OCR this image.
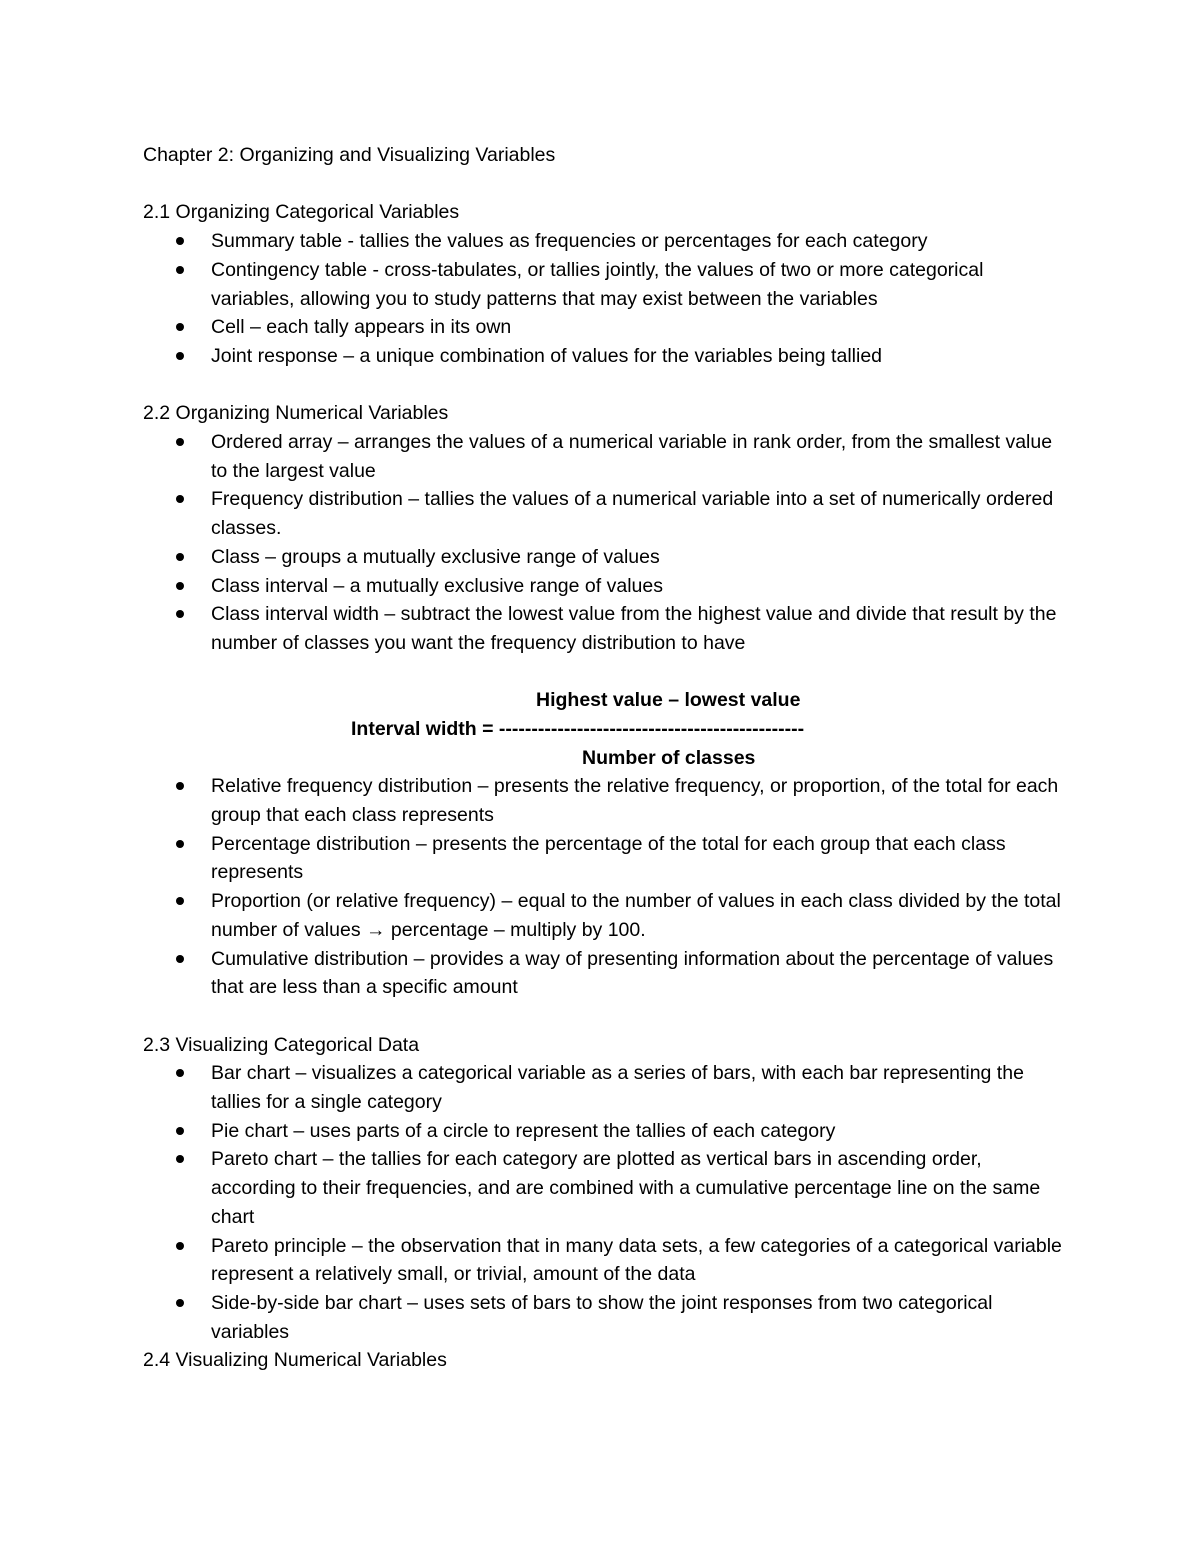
Chapter 2: Organizing and Visualizing Variables

2.1 Organizing Categorical Variables

Summary table - tallies the values as frequencies or percentages for each category
Contingency table - cross-tabulates, or tallies jointly, the values of two or more categorical variables, allowing you to study patterns that may exist between the variables
Cell – each tally appears in its own
Joint response – a unique combination of values for the variables being tallied

2.2 Organizing Numerical Variables

Ordered array – arranges the values of a numerical variable in rank order, from the smallest value to the largest value
Frequency distribution – tallies the values of a numerical variable into a set of numerically ordered classes.
Class – groups a mutually exclusive range of values
Class interval – a mutually exclusive range of values
Class interval width – subtract the lowest value from the highest value and divide that result by the number of classes you want the frequency distribution to have
Highest value – lowest value
Interval width = -----------------------------------------------
Number of classes
Relative frequency distribution – presents the relative frequency, or proportion, of the total for each group that each class represents
Percentage distribution – presents the percentage of the total for each group that each class represents
Proportion (or relative frequency) – equal to the number of values in each class divided by the total number of values → percentage – multiply by 100.
Cumulative distribution – provides a way of presenting information about the percentage of values that are less than a specific amount

2.3 Visualizing Categorical Data

Bar chart – visualizes a categorical variable as a series of bars, with each bar representing the tallies for a single category
Pie chart – uses parts of a circle to represent the tallies of each category
Pareto chart – the tallies for each category are plotted as vertical bars in ascending order, according to their frequencies, and are combined with a cumulative percentage line on the same chart
Pareto principle – the observation that in many data sets, a few categories of a categorical variable represent a relatively small, or trivial, amount of the data
Side-by-side bar chart – uses sets of bars to show the joint responses from two categorical variables

2.4 Visualizing Numerical Variables
